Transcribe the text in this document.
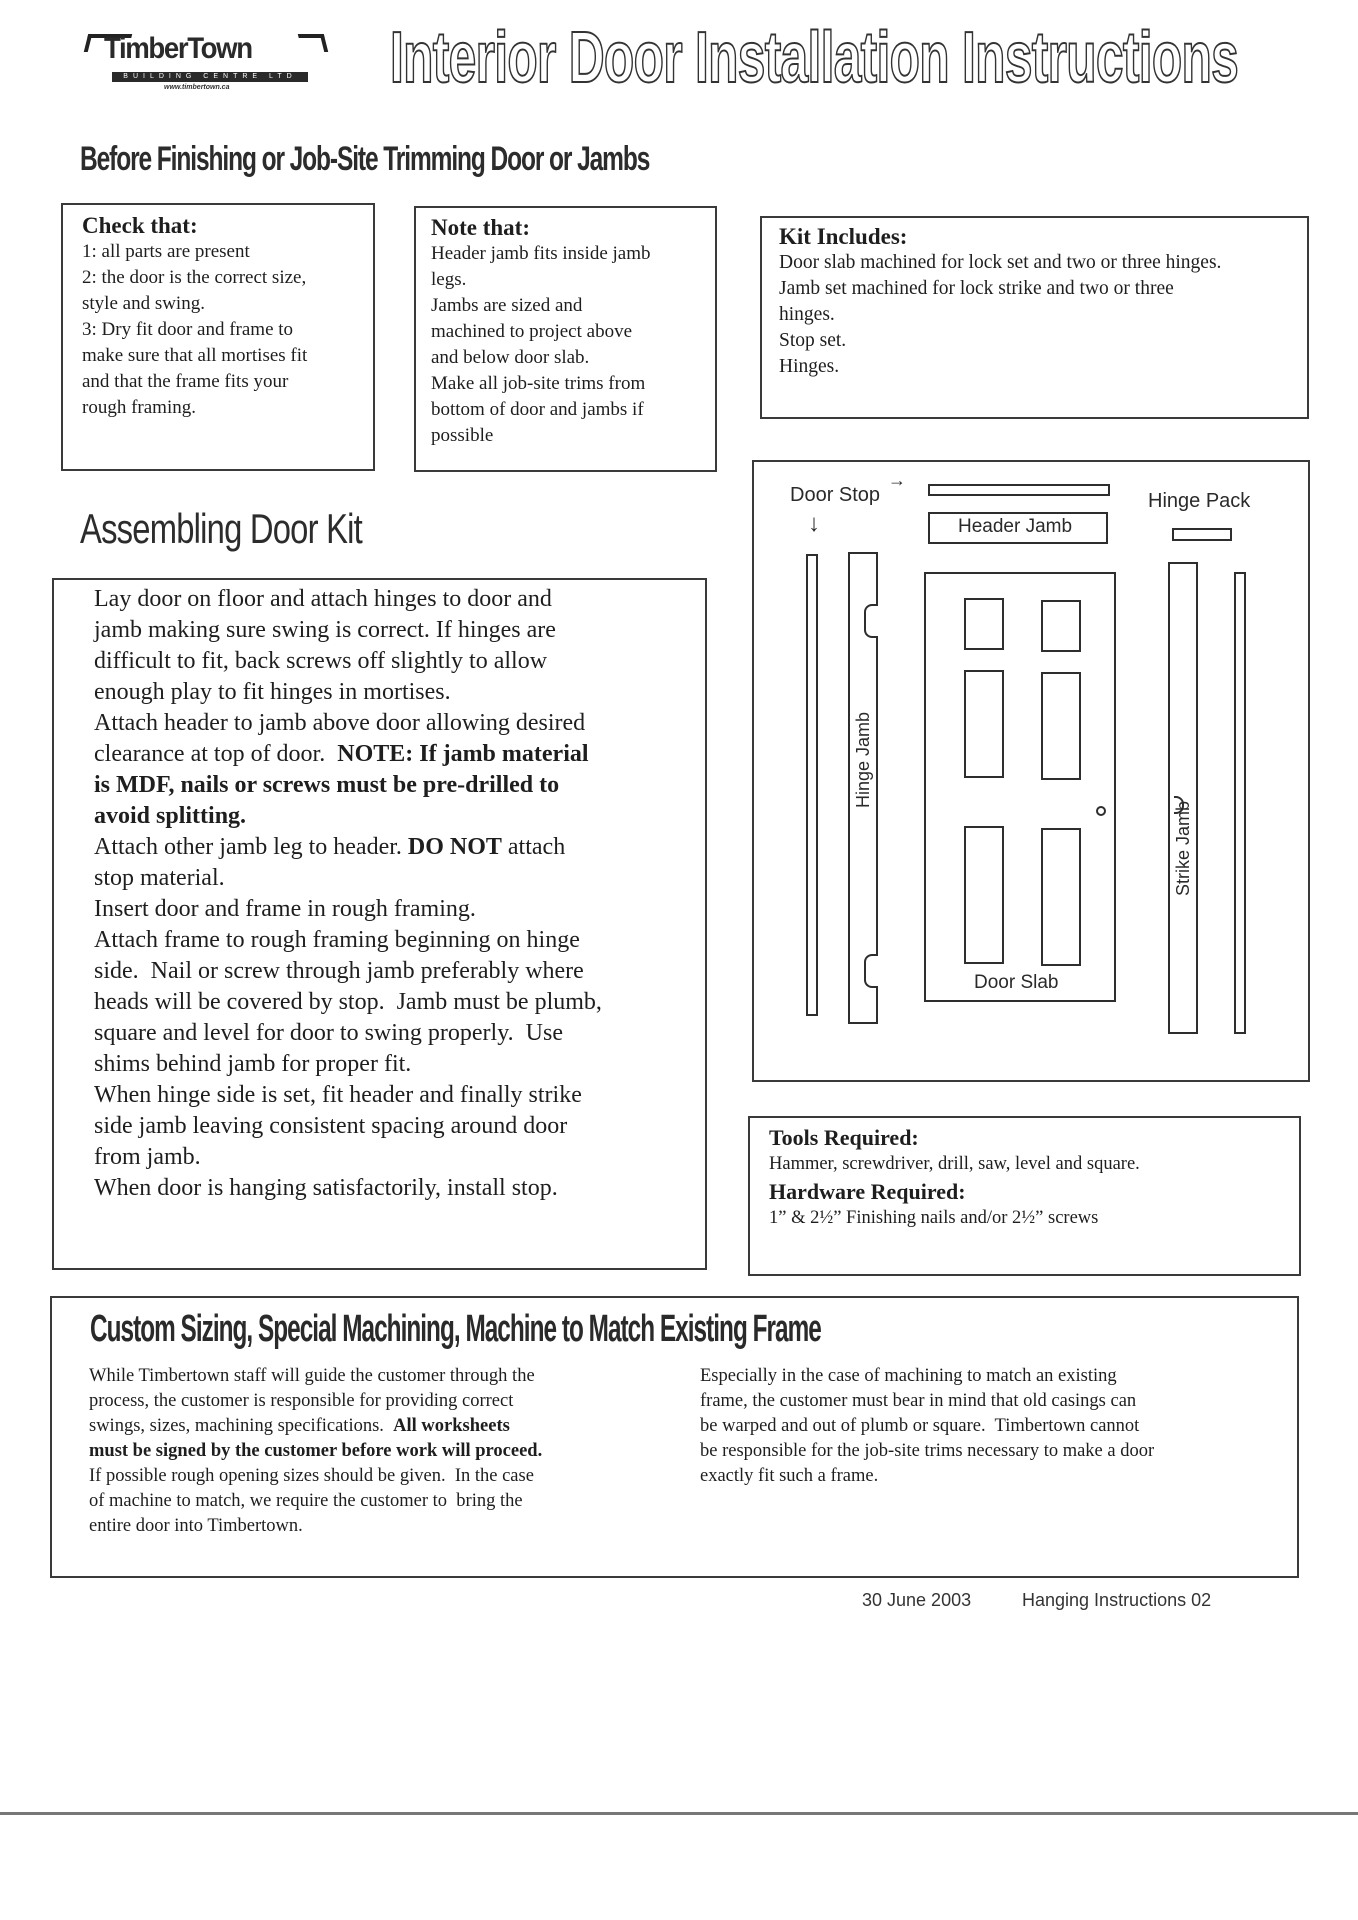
TimberTown
BUILDING CENTRE LTD
www.timbertown.ca Interior Door Installation Instructions
Before Finishing or Job-Site Trimming Door or Jambs
Check that:
1: all parts are present
2: the door is the correct size,
style and swing.
3: Dry fit door and frame to
make sure that all mortises fit
and that the frame fits your
rough framing.
Note that:
Header jamb fits inside jamb
legs.
Jambs are sized and
machined to project above
and below door slab.
Make all job-site trims from
bottom of door and jambs if
possible
Kit Includes:
Door slab machined for lock set and two or three hinges.
Jamb set machined for lock strike and two or three
hinges.
Stop set.
Hinges.
Assembling Door Kit

Lay door on floor and attach hinges to door and

jamb making sure swing is correct. If hinges are

difficult to fit, back screws off slightly to allow

enough play to fit hinges in mortises.

Attach header to jamb above door allowing desired

clearance at top of door.  NOTE: If jamb material

is MDF, nails or screws must be pre-drilled to

avoid splitting.

Attach other jamb leg to header. DO NOT attach

stop material.

Insert door and frame in rough framing.

Attach frame to rough framing beginning on hinge

side.  Nail or screw through jamb preferably where

heads will be covered by stop.  Jamb must be plumb,

square and level for door to swing properly.  Use

shims behind jamb for proper fit.

When hinge side is set, fit header and finally strike

side jamb leaving consistent spacing around door

from jamb.

When door is hanging satisfactorily, install stop.

Door Stop
→
↓	Header Jamb
Hinge Pack
Hinge Jamb
Door Slab
Strike Jamb
Tools Required:
Hammer, screwdriver, drill, saw, level and square.
Hardware Required:
1” & 2½” Finishing nails and/or 2½” screws
Custom Sizing, Special Machining, Machine to Match Existing Frame
While Timbertown staff will guide the customer through the
process, the customer is responsible for providing correct
swings, sizes, machining specifications.  All worksheets
must be signed by the customer before work will proceed.
If possible rough opening sizes should be given.  In the case
of machine to match, we require the customer to  bring the
entire door into Timbertown.
Especially in the case of machining to match an existing
frame, the customer must bear in mind that old casings can
be warped and out of plumb or square.  Timbertown cannot
be responsible for the job-site trims necessary to make a door
exactly fit such a frame.
30 June 2003	Hanging Instructions 02
